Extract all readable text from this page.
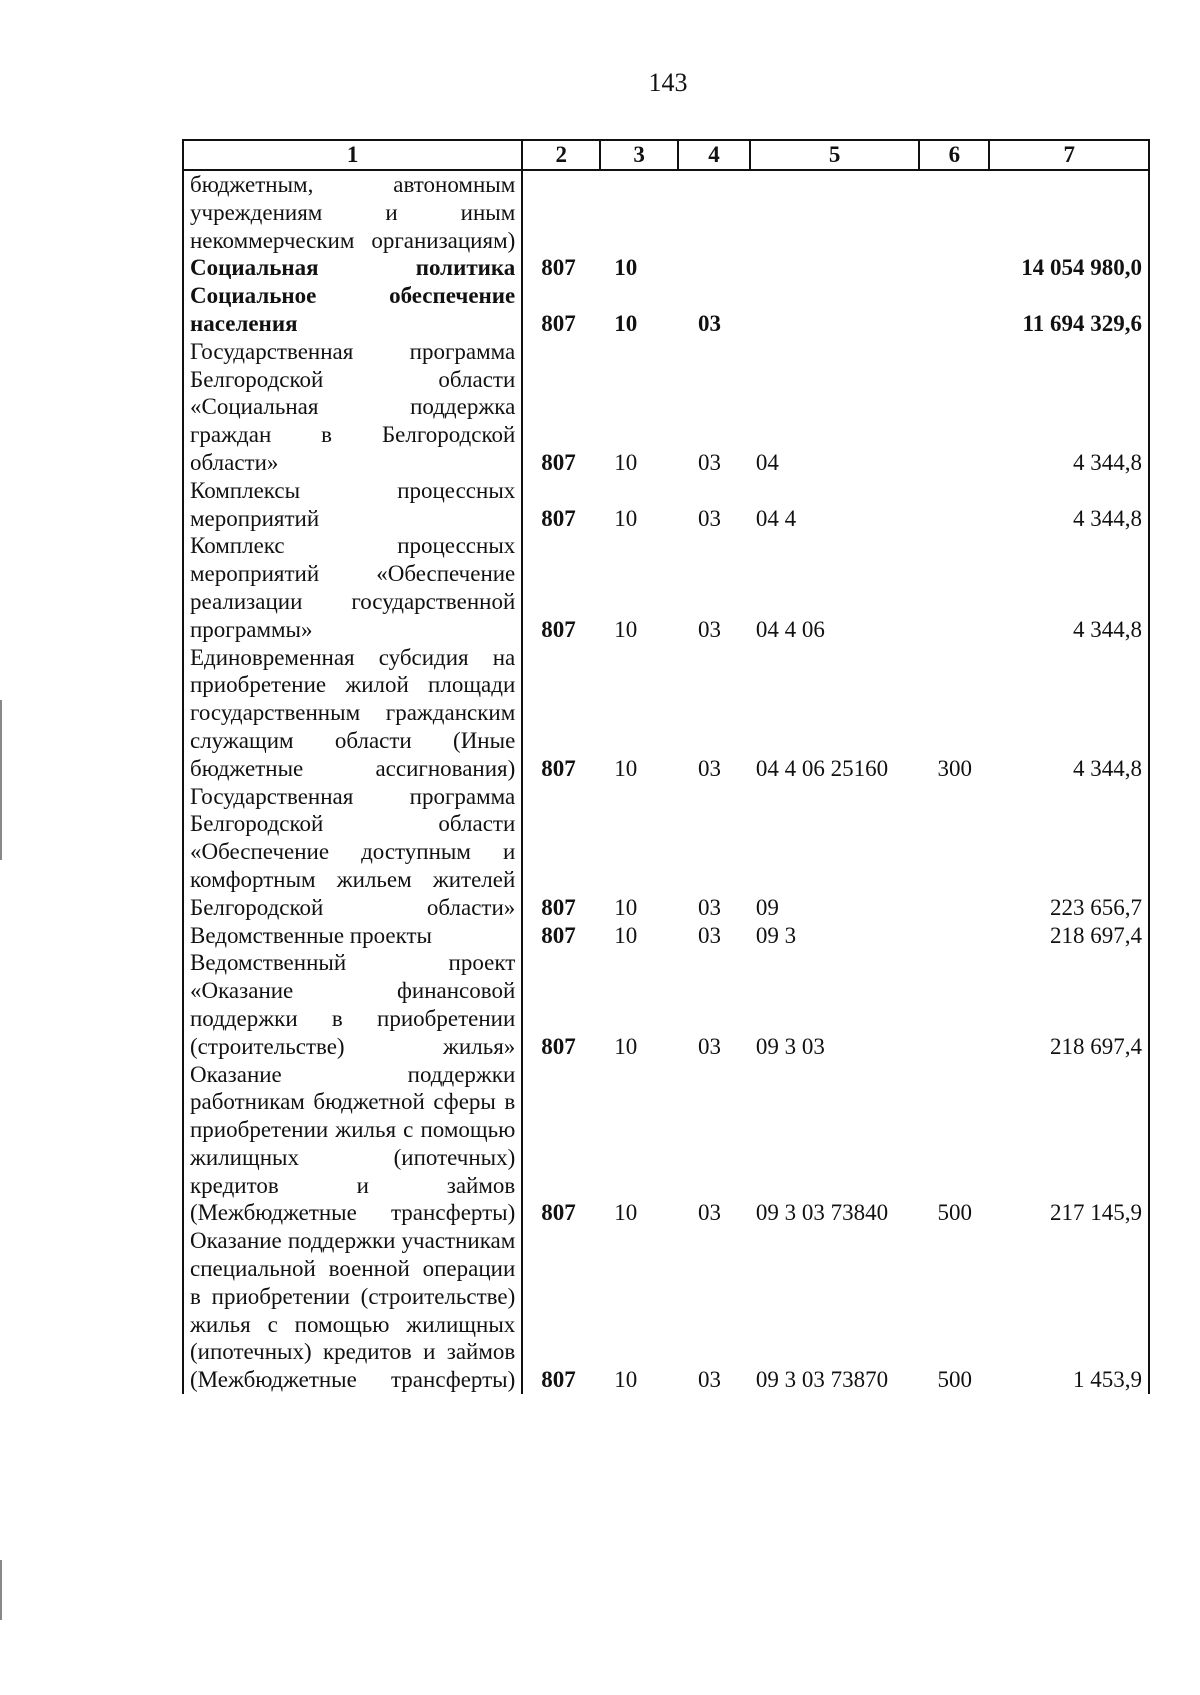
143
1	2	3	4	5	6	7
бюджетным, автономным учреждениям и иным некоммерческим организациям)						
Социальная политика	807	10				14 054 980,0
Социальное обеспечение населения	807	10	03			11 694 329,6
Государственная программа Белгородской области «Социальная поддержка граждан в Белгородской области»	807	10	03	04		4 344,8
Комплексы процессных мероприятий	807	10	03	04 4		4 344,8
Комплекс процессных мероприятий «Обеспечение реализации государственной программы»	807	10	03	04 4 06		4 344,8
Единовременная субсидия на приобретение жилой площади государственным гражданским служащим области (Иные бюджетные ассигнования)	807	10	03	04 4 06 25160	300	4 344,8
Государственная программа Белгородской области «Обеспечение доступным и комфортным жильем жителей Белгородской области»	807	10	03	09		223 656,7
Ведомственные проекты	807	10	03	09 3		218 697,4
Ведомственный проект «Оказание финансовой поддержки в приобретении (строительстве) жилья»	807	10	03	09 3 03		218 697,4
Оказание поддержки работникам бюджетной сферы в приобретении жилья с помощью жилищных (ипотечных) кредитов и займов (Межбюджетные трансферты)	807	10	03	09 3 03 73840	500	217 145,9
Оказание поддержки участникам специальной военной операции в приобретении (строительстве) жилья с помощью жилищных (ипотечных) кредитов и займов (Межбюджетные трансферты)	807	10	03	09 3 03 73870	500	1 453,9
